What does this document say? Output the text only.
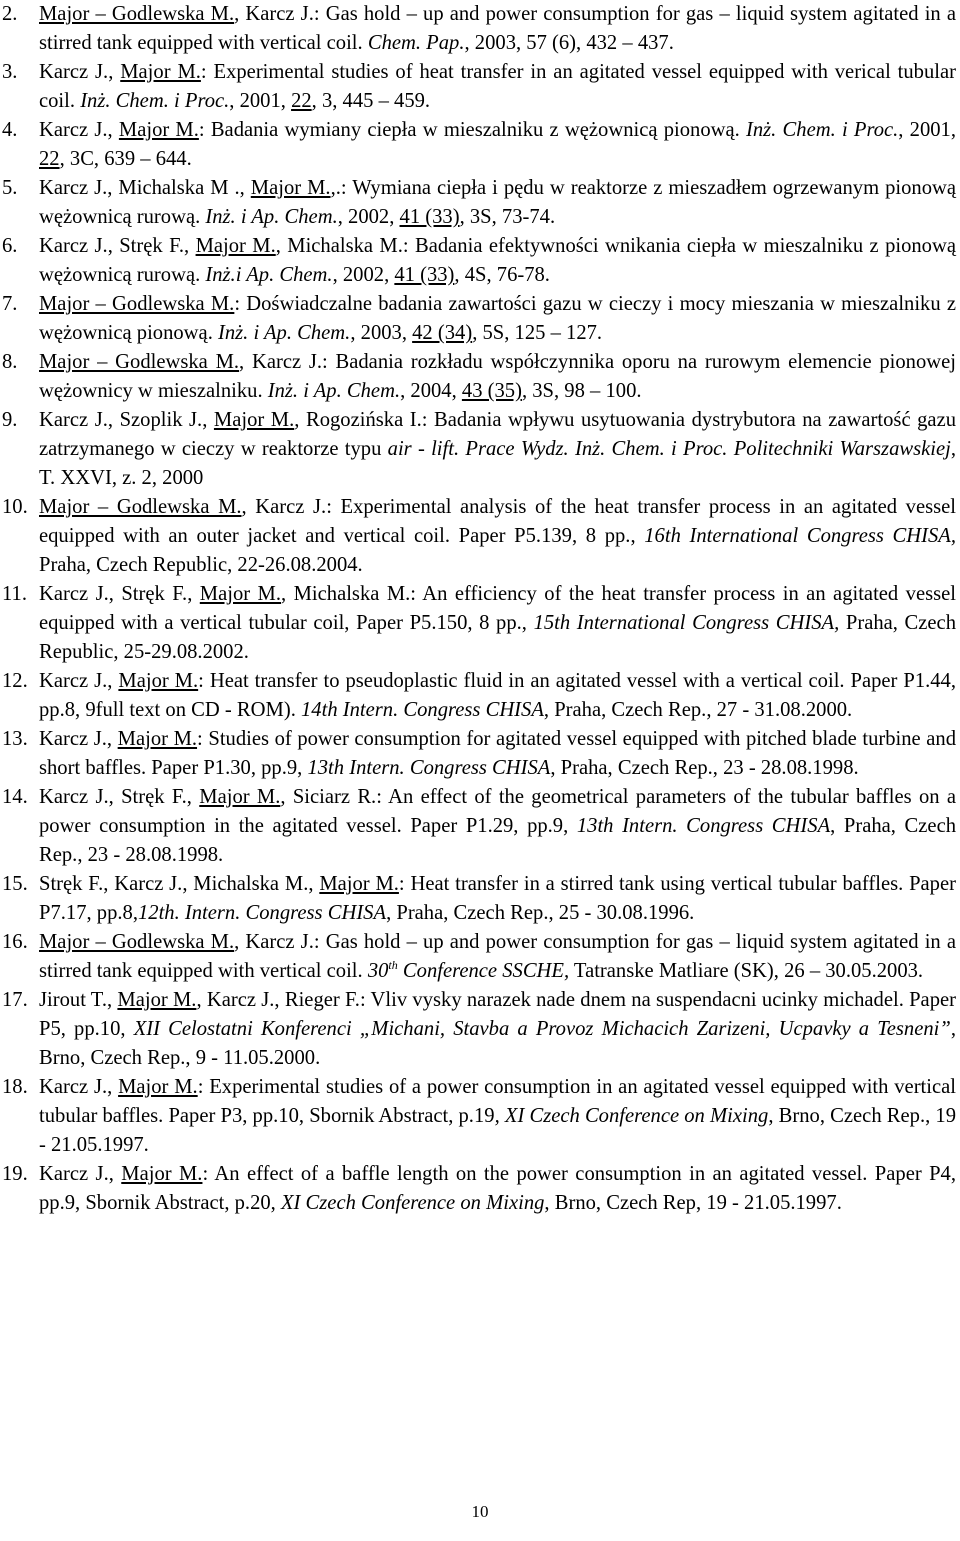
2. Major – Godlewska M., Karcz J.: Gas hold – up and power consumption for gas – liquid system agitated in a stirred tank equipped with vertical coil. Chem. Pap., 2003, 57 (6), 432 – 437.
3. Karcz J., Major M.: Experimental studies of heat transfer in an agitated vessel equipped with verical tubular coil. Inż. Chem. i Proc., 2001, 22, 3, 445 – 459.
4. Karcz J., Major M.: Badania wymiany ciepła w mieszalniku z wężownicą pionową. Inż. Chem. i Proc., 2001, 22, 3C, 639 – 644.
5. Karcz J., Michalska M ., Major M.,.: Wymiana ciepła i pędu w reaktorze z mieszadłem ogrzewanym pionową wężownicą rurową. Inż. i Ap. Chem., 2002, 41 (33), 3S, 73-74.
6. Karcz J., Stręk F., Major M., Michalska M.: Badania efektywności wnikania ciepła w mieszalniku z pionową wężownicą rurową. Inż.i Ap. Chem., 2002, 41 (33), 4S, 76-78.
7. Major – Godlewska M.: Doświadczalne badania zawartości gazu w cieczy i mocy mieszania w mieszalniku z wężownicą pionową. Inż. i Ap. Chem., 2003, 42 (34), 5S, 125 – 127.
8. Major – Godlewska M., Karcz J.: Badania rozkładu współczynnika oporu na rurowym elemencie pionowej wężownicy w mieszalniku. Inż. i Ap. Chem., 2004, 43 (35), 3S, 98 – 100.
9. Karcz J., Szoplik J., Major M., Rogozińska I.: Badania wpływu usytuowania dystrybutora na zawartość gazu zatrzymanego w cieczy w reaktorze typu air - lift. Prace Wydz. Inż. Chem. i Proc. Politechniki Warszawskiej, T. XXVI, z. 2, 2000
10. Major – Godlewska M., Karcz J.: Experimental analysis of the heat transfer process in an agitated vessel equipped with an outer jacket and vertical coil. Paper P5.139, 8 pp., 16th International Congress CHISA, Praha, Czech Republic, 22-26.08.2004.
11. Karcz J., Stręk F., Major M., Michalska M.: An efficiency of the heat transfer process in an agitated vessel equipped with a vertical tubular coil, Paper P5.150, 8 pp., 15th International Congress CHISA, Praha, Czech Republic, 25-29.08.2002.
12. Karcz J., Major M.: Heat transfer to pseudoplastic fluid in an agitated vessel with a vertical coil. Paper P1.44, pp.8, 9full text on CD - ROM). 14th Intern. Congress CHISA, Praha, Czech Rep., 27 - 31.08.2000.
13. Karcz J., Major M.: Studies of power consumption for agitated vessel equipped with pitched blade turbine and short baffles. Paper P1.30, pp.9, 13th Intern. Congress CHISA, Praha, Czech Rep., 23 - 28.08.1998.
14. Karcz J., Stręk F., Major M., Siciarz R.: An effect of the geometrical parameters of the tubular baffles on a power consumption in the agitated vessel. Paper P1.29, pp.9, 13th Intern. Congress CHISA, Praha, Czech Rep., 23 - 28.08.1998.
15. Stręk F., Karcz J., Michalska M., Major M.: Heat transfer in a stirred tank using vertical tubular baffles. Paper P7.17, pp.8,12th. Intern. Congress CHISA, Praha, Czech Rep., 25 - 30.08.1996.
16. Major – Godlewska M., Karcz J.: Gas hold – up and power consumption for gas – liquid system agitated in a stirred tank equipped with vertical coil. 30th Conference SSCHE, Tatranske Matliare (SK), 26 – 30.05.2003.
17. Jirout T., Major M., Karcz J., Rieger F.: Vliv vysky narazek nade dnem na suspendacni ucinky michadel. Paper P5, pp.10, XII Celostatni Konferenci „Michani, Stavba a Provoz Michacich Zarizeni, Ucpavky a Tesneni”, Brno, Czech Rep., 9 - 11.05.2000.
18. Karcz J., Major M.: Experimental studies of a power consumption in an agitated vessel equipped with vertical tubular baffles. Paper P3, pp.10, Sbornik Abstract, p.19, XI Czech Conference on Mixing, Brno, Czech Rep., 19 - 21.05.1997.
19. Karcz J., Major M.: An effect of a baffle length on the power consumption in an agitated vessel. Paper P4, pp.9, Sbornik Abstract, p.20, XI Czech Conference on Mixing, Brno, Czech Rep, 19 - 21.05.1997.
10
